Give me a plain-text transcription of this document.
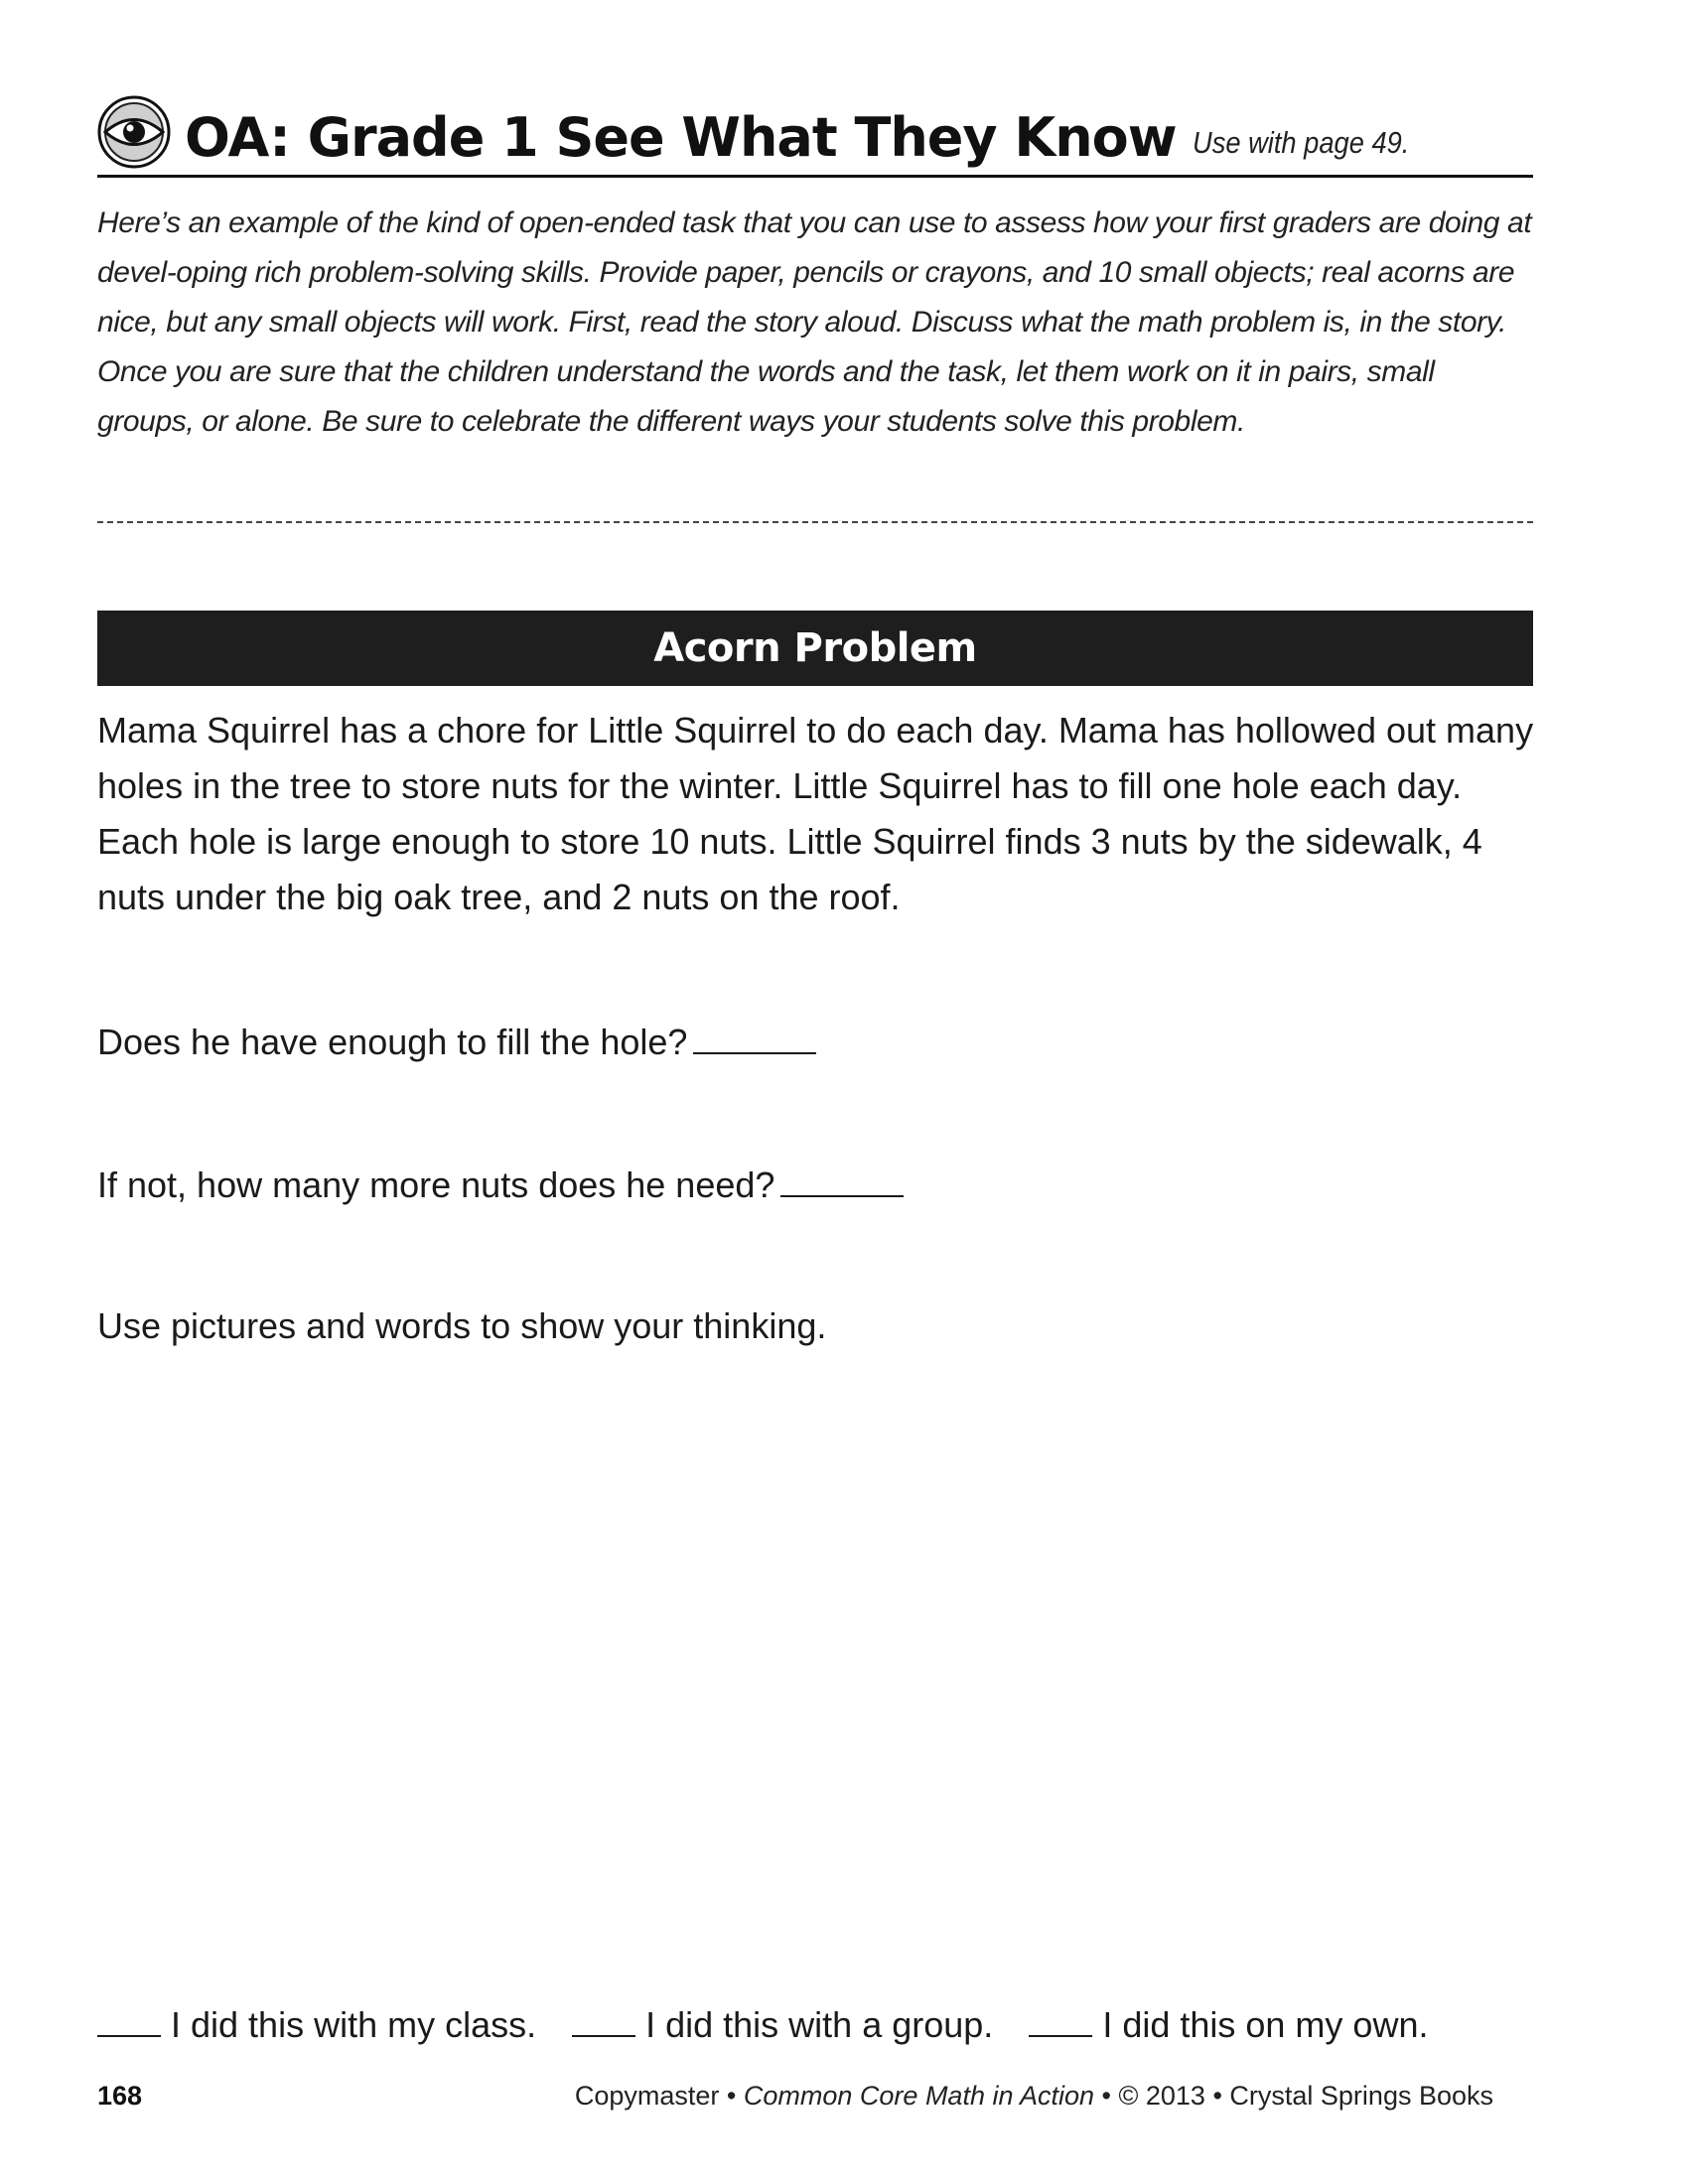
OA: Grade 1 See What They Know Use with page 49.
Here’s an example of the kind of open-ended task that you can use to assess how your first graders are doing at devel-oping rich problem-solving skills. Provide paper, pencils or crayons, and 10 small objects; real acorns are nice, but any small objects will work. First, read the story aloud. Discuss what the math problem is, in the story. Once you are sure that the children understand the words and the task, let them work on it in pairs, small groups, or alone. Be sure to celebrate the different ways your students solve this problem.
Acorn Problem
Mama Squirrel has a chore for Little Squirrel to do each day. Mama has hollowed out many holes in the tree to store nuts for the winter. Little Squirrel has to fill one hole each day. Each hole is large enough to store 10 nuts. Little Squirrel finds 3 nuts by the sidewalk, 4 nuts under the big oak tree, and 2 nuts on the roof.
Does he have enough to fill the hole?
If not, how many more nuts does he need?
Use pictures and words to show your thinking.
I did this with my class.	I did this with a group.	I did this on my own.
168	Copymaster • Common Core Math in Action • © 2013 • Crystal Springs Books
